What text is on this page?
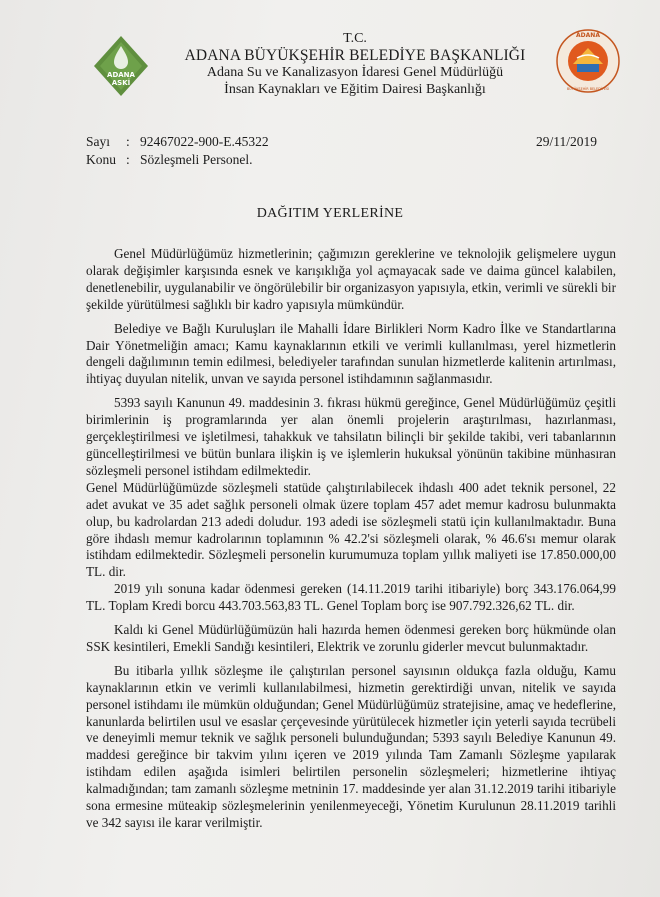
ADANA
ASKİ
T.C.
ADANA BÜYÜKŞEHİR BELEDİYE BAŞKANLIĞI
Adana Su ve Kanalizasyon İdaresi Genel Müdürlüğü
İnsan Kaynakları ve Eğitim Dairesi Başkanlığı
ADANA
BÜYÜKŞEHİR BELEDİYESİ
Sayı : 92467022-900-E.45322
Konu : Sözleşmeli Personel.
29/11/2019
DAĞITIM YERLERİNE

Genel Müdürlüğümüz hizmetlerinin; çağımızın gereklerine ve teknolojik gelişmelere uygun olarak değişimler karşısında esnek ve karışıklığa yol açmayacak sade ve daima güncel kalabilen, denetlenebilir, uygulanabilir ve öngörülebilir bir organizasyon yapısıyla, etkin, verimli ve sürekli bir şekilde yürütülmesi sağlıklı bir kadro yapısıyla mümkündür.

Belediye ve Bağlı Kuruluşları ile Mahalli İdare Birlikleri Norm Kadro İlke ve Standartlarına Dair Yönetmeliğin amacı; Kamu kaynaklarının etkili ve verimli kullanılması, yerel hizmetlerin dengeli dağılımının temin edilmesi, belediyeler tarafından sunulan hizmetlerde kalitenin artırılması, ihtiyaç duyulan nitelik, unvan ve sayıda personel istihdamının sağlanmasıdır.

5393 sayılı Kanunun 49. maddesinin 3. fıkrası hükmü gereğince, Genel Müdürlüğümüz çeşitli birimlerinin iş programlarında yer alan önemli projelerin araştırılması, hazırlanması, gerçekleştirilmesi ve işletilmesi, tahakkuk ve tahsilatın bilinçli bir şekilde takibi, veri tabanlarının güncelleştirilmesi ve bütün bunlara ilişkin iş ve işlemlerin hukuksal yönünün takibine münhasıran sözleşmeli personel istihdam edilmektedir.

Genel Müdürlüğümüzde sözleşmeli statüde çalıştırılabilecek ihdaslı 400 adet teknik personel, 22 adet avukat ve 35 adet sağlık personeli olmak üzere toplam 457 adet memur kadrosu bulunmakta olup, bu kadrolardan 213 adedi doludur. 193 adedi ise sözleşmeli statü için kullanılmaktadır. Buna göre ihdaslı memur kadrolarının toplamının % 42.2'si sözleşmeli olarak, % 46.6'sı memur olarak istihdam edilmektedir. Sözleşmeli personelin kurumumuza toplam yıllık maliyeti ise 17.850.000,00 TL. dir.

2019 yılı sonuna kadar ödenmesi gereken (14.11.2019 tarihi itibariyle) borç 343.176.064,99 TL. Toplam Kredi borcu 443.703.563,83 TL. Genel Toplam borç ise 907.792.326,62 TL. dir.

Kaldı ki Genel Müdürlüğümüzün hali hazırda hemen ödenmesi gereken borç hükmünde olan SSK kesintileri, Emekli Sandığı kesintileri, Elektrik ve zorunlu giderler mevcut bulunmaktadır.

Bu itibarla yıllık sözleşme ile çalıştırılan personel sayısının oldukça fazla olduğu, Kamu kaynaklarının etkin ve verimli kullanılabilmesi, hizmetin gerektirdiği unvan, nitelik ve sayıda personel istihdamı ile mümkün olduğundan; Genel Müdürlüğümüz stratejisine, amaç ve hedeflerine, kanunlarda belirtilen usul ve esaslar çerçevesinde yürütülecek hizmetler için yeterli sayıda tecrübeli ve deneyimli memur teknik ve sağlık personeli bulunduğundan; 5393 sayılı Belediye Kanunun 49. maddesi gereğince bir takvim yılını içeren ve 2019 yılında Tam Zamanlı Sözleşme yapılarak istihdam edilen aşağıda isimleri belirtilen personelin sözleşmeleri; hizmetlerine ihtiyaç kalmadığından; tam zamanlı sözleşme metninin 17. maddesinde yer alan 31.12.2019 tarihi itibariyle sona ermesine müteakip sözleşmelerinin yenilenmeyeceği, Yönetim Kurulunun 28.11.2019 tarihli ve 342 sayısı ile karar verilmiştir.
